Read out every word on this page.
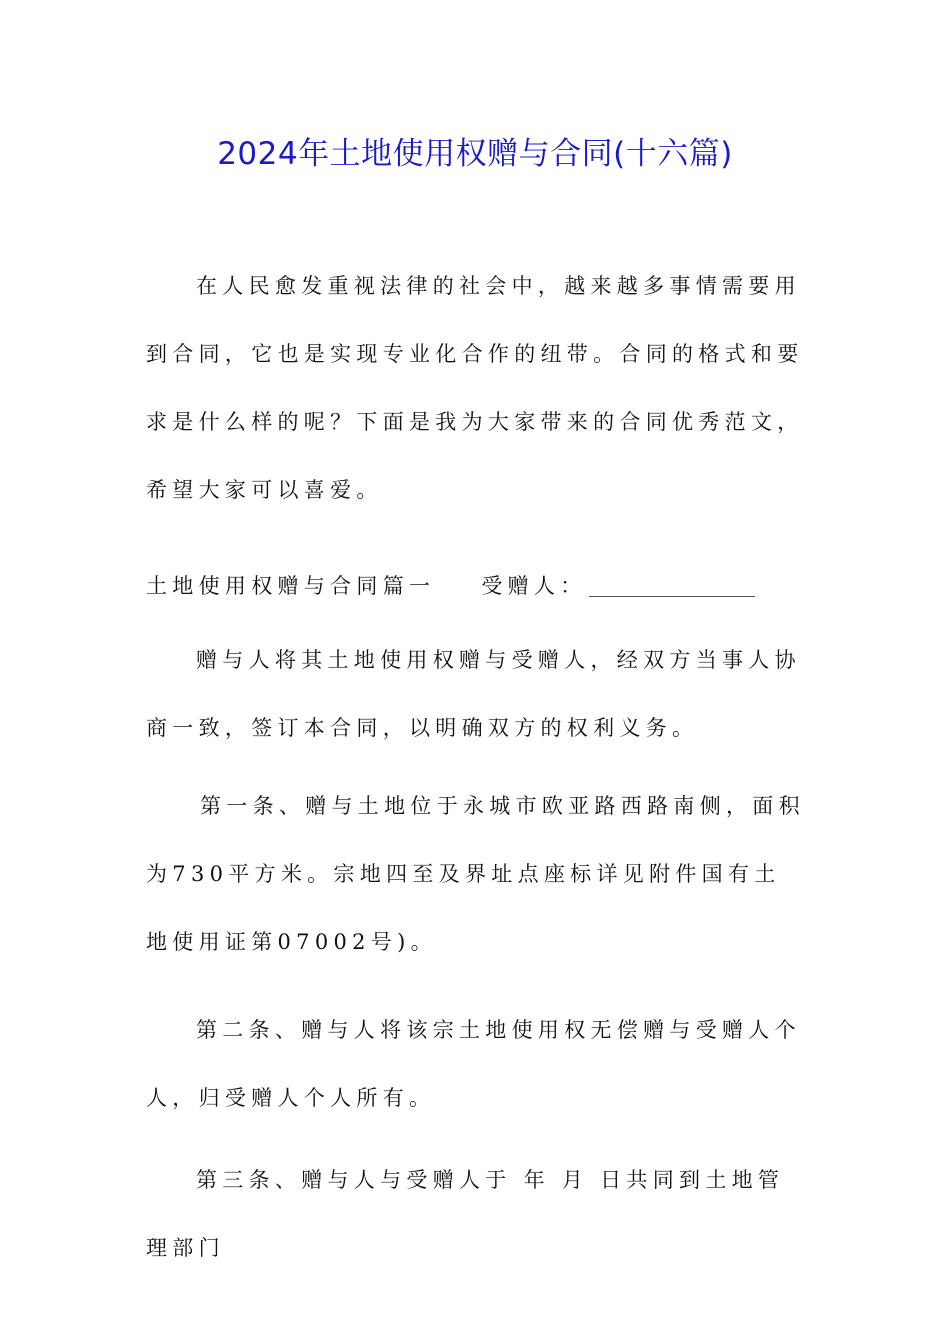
2024年土地使用权赠与合同(十六篇)

在人民愈发重视法律的社会中，越来越多事情需要用到合同，它也是实现专业化合作的纽带。合同的格式和要求是什么样的呢？下面是我为大家带来的合同优秀范文，希望大家可以喜爱。

土地使用权赠与合同篇一 受赠人：

赠与人将其土地使用权赠与受赠人，经双方当事人协商一致，签订本合同，以明确双方的权利义务。

第一条、赠与土地位于永城市欧亚路西路南侧，面积为730平方米。宗地四至及界址点座标详见附件国有土地使用证第07002号)。

第二条、赠与人将该宗土地使用权无偿赠与受赠人个人，归受赠人个人所有。

第三条、赠与人与受赠人于 年 月 日共同到土地管理部门
